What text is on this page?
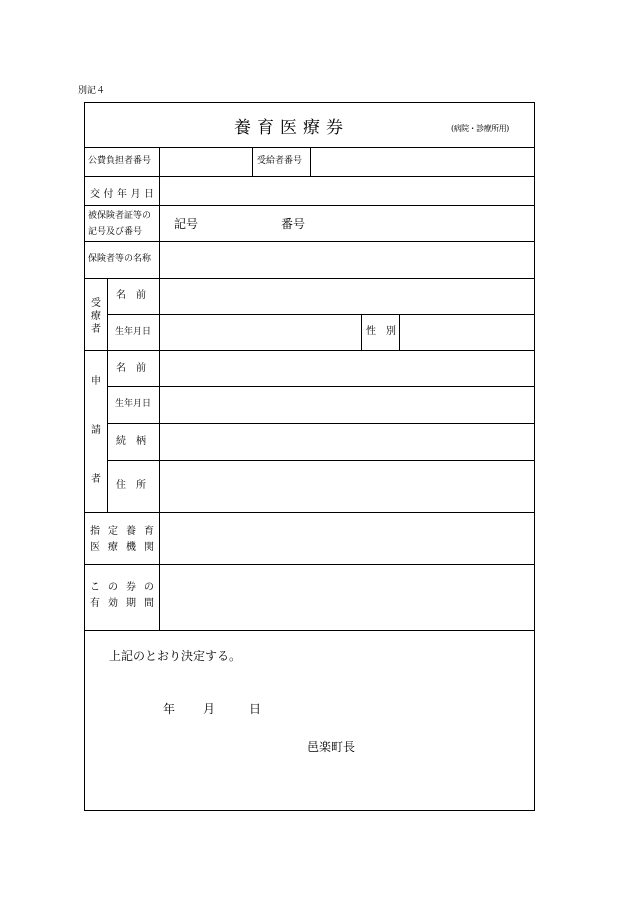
別記４
養育医療券	(病院・診療所用)
公費負担者番号	受給者番号
交 付 年 月 日
被保険者証等の
記号及び番号
記号	番号
保険者等の名称
受
療
者
名　前
生年月日	性　別
申
請
者
名　前
生年月日
続　柄
住　所
指 定 養 育
医 療 機 関
こ の 券 の
有 効 期 間
上記のとおり決定する。
年 月	日
邑楽町長
